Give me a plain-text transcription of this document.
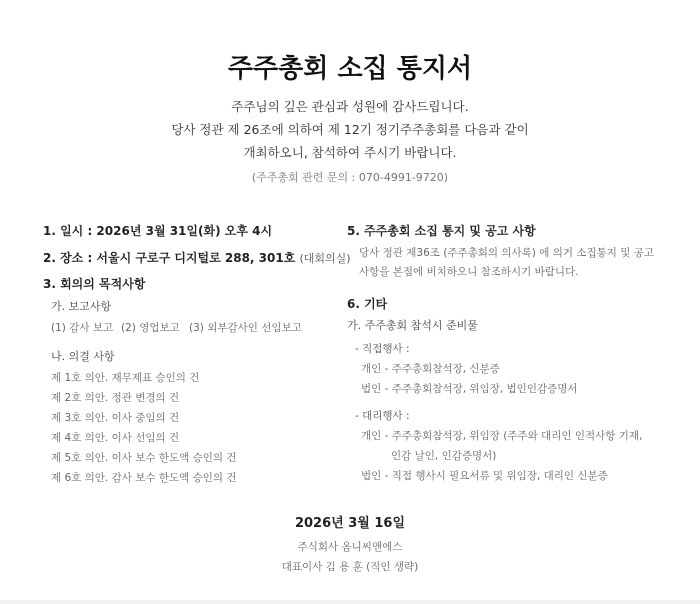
주주총회 소집 통지서
주주님의 깊은 관심과 성원에 감사드립니다.
당사 정관 제 26조에 의하여 제 12기 정기주주총회를 다음과 같이
개최하오니, 참석하여 주시기 바랍니다.
(주주총회 관련 문의 : 070-4991-9720)
1. 일시 : 2026년 3월 31일(화) 오후 4시
2. 장소 : 서울시 구로구 디지털로 288, 301호 (대회의실)
3. 회의의 목적사항
가. 보고사항
(1) 감사 보고 (2) 영업보고 (3) 외부감사인 선임보고
나. 의결 사항
제 1호 의안. 재무제표 승인의 건
제 2호 의안. 정관 변경의 건
제 3호 의안. 이사 중임의 건
제 4호 의안. 이사 선임의 건
제 5호 의안. 이사 보수 한도액 승인의 건
제 6호 의안. 감사 보수 한도액 승인의 건
5. 주주총회 소집 통지 및 공고 사항
당사 정관 제36조 (주주총회의 의사록) 에 의거 소집통지 및 공고
사항을 본점에 비치하오니 참조하시기 바랍니다.
6. 기타
가. 주주총회 참석시 준비물
- 직접행사 :
개인 - 주주총회참석장, 신분증
법인 - 주주총회참석장, 위임장, 법인인감증명서
- 대리행사 :
개인 - 주주총회참석장, 위임장 (주주와 대리인 인적사항 기재,
인감 날인, 인감증명서)
법인 - 직접 행사시 필요서류 및 위임장, 대리인 신분증
2026년 3월 16일
주식회사 옴니씨앤에스
대표이사 김 용 훈 (직인 생략)
